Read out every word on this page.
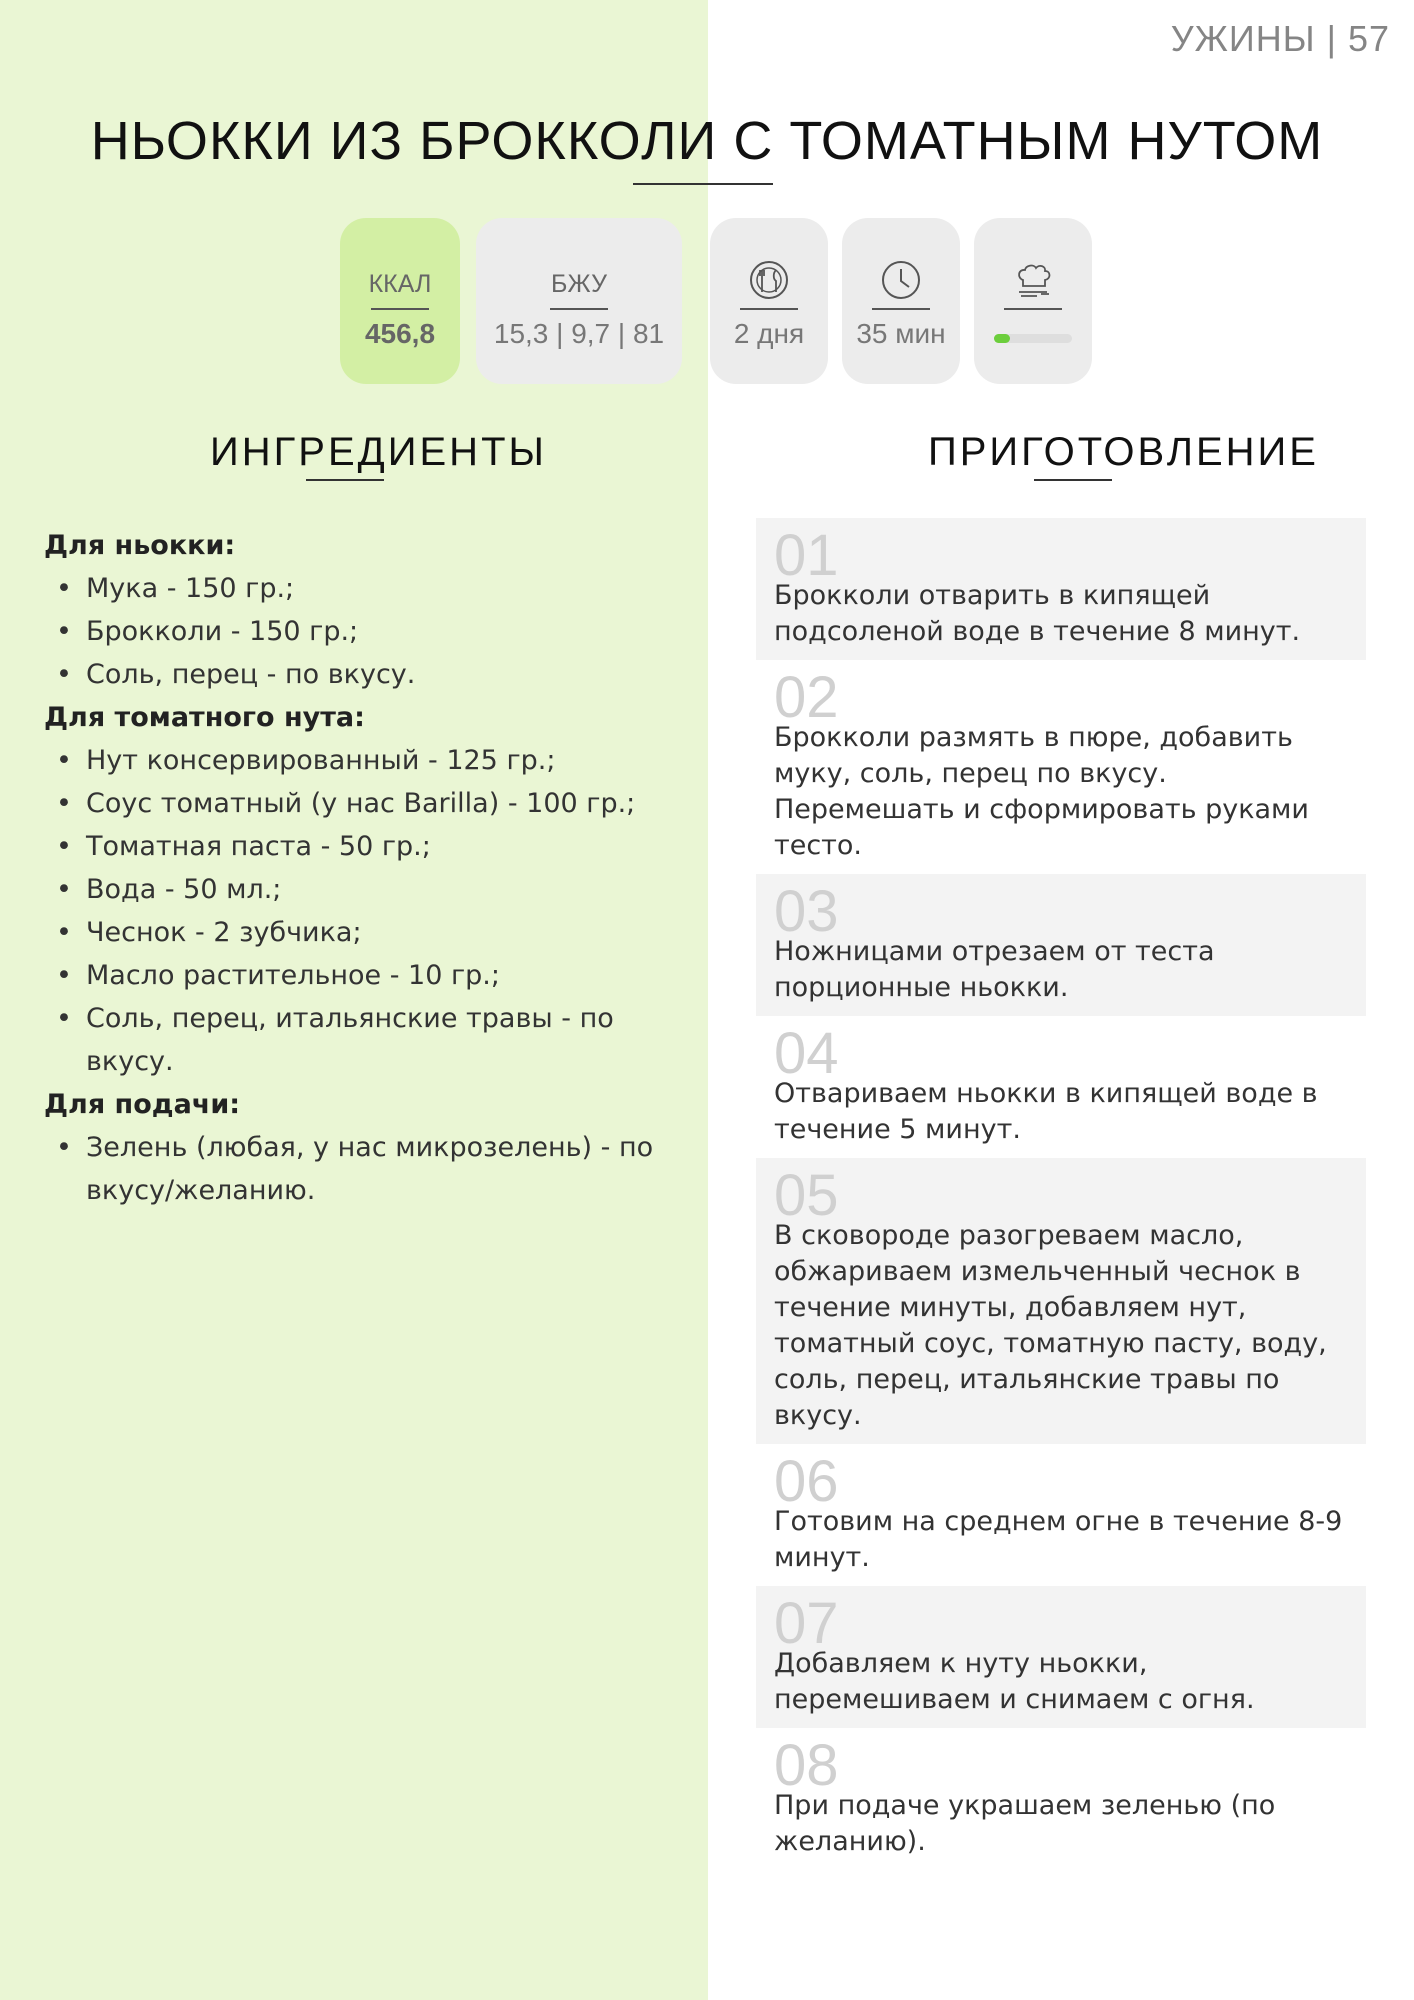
УЖИНЫ | 57
НЬОККИ ИЗ БРОККОЛИ С ТОМАТНЫМ НУТОМ
ККАЛ
456,8
БЖУ
15,3 | 9,7 | 81	2 дня	35 мин
ИНГРЕДИЕНТЫ	ПРИГОТОВЛЕНИЕ
Для ньокки:
• Мука - 150 гр.;
• Брокколи - 150 гр.;
• Соль, перец - по вкусу.
Для томатного нута:
• Нут консервированный - 125 гр.;
• Соус томатный (у нас Barilla) - 100 гр.;
• Томатная паста - 50 гр.;
• Вода - 50 мл.;
• Чеснок - 2 зубчика;
• Масло растительное - 10 гр.;
• Соль, перец, итальянские травы - по вкусу.
Для подачи:
• Зелень (любая, у нас микрозелень) - по вкусу/желанию.
01
Брокколи отварить в кипящей подсоленой воде в течение 8 минут.
02
Брокколи размять в пюре, добавить муку, соль, перец по вкусу. Перемешать и сформировать руками тесто.
03
Ножницами отрезаем от теста порционные ньокки.
04
Отвариваем ньокки в кипящей воде в течение 5 минут.
05
В сковороде разогреваем масло, обжариваем измельченный чеснок в течение минуты, добавляем нут, томатный соус, томатную пасту, воду, соль, перец, итальянские травы по вкусу.
06
Готовим на среднем огне в течение 8-9 минут.
07
Добавляем к нуту ньокки, перемешиваем и снимаем с огня.
08
При подаче украшаем зеленью (по желанию).
